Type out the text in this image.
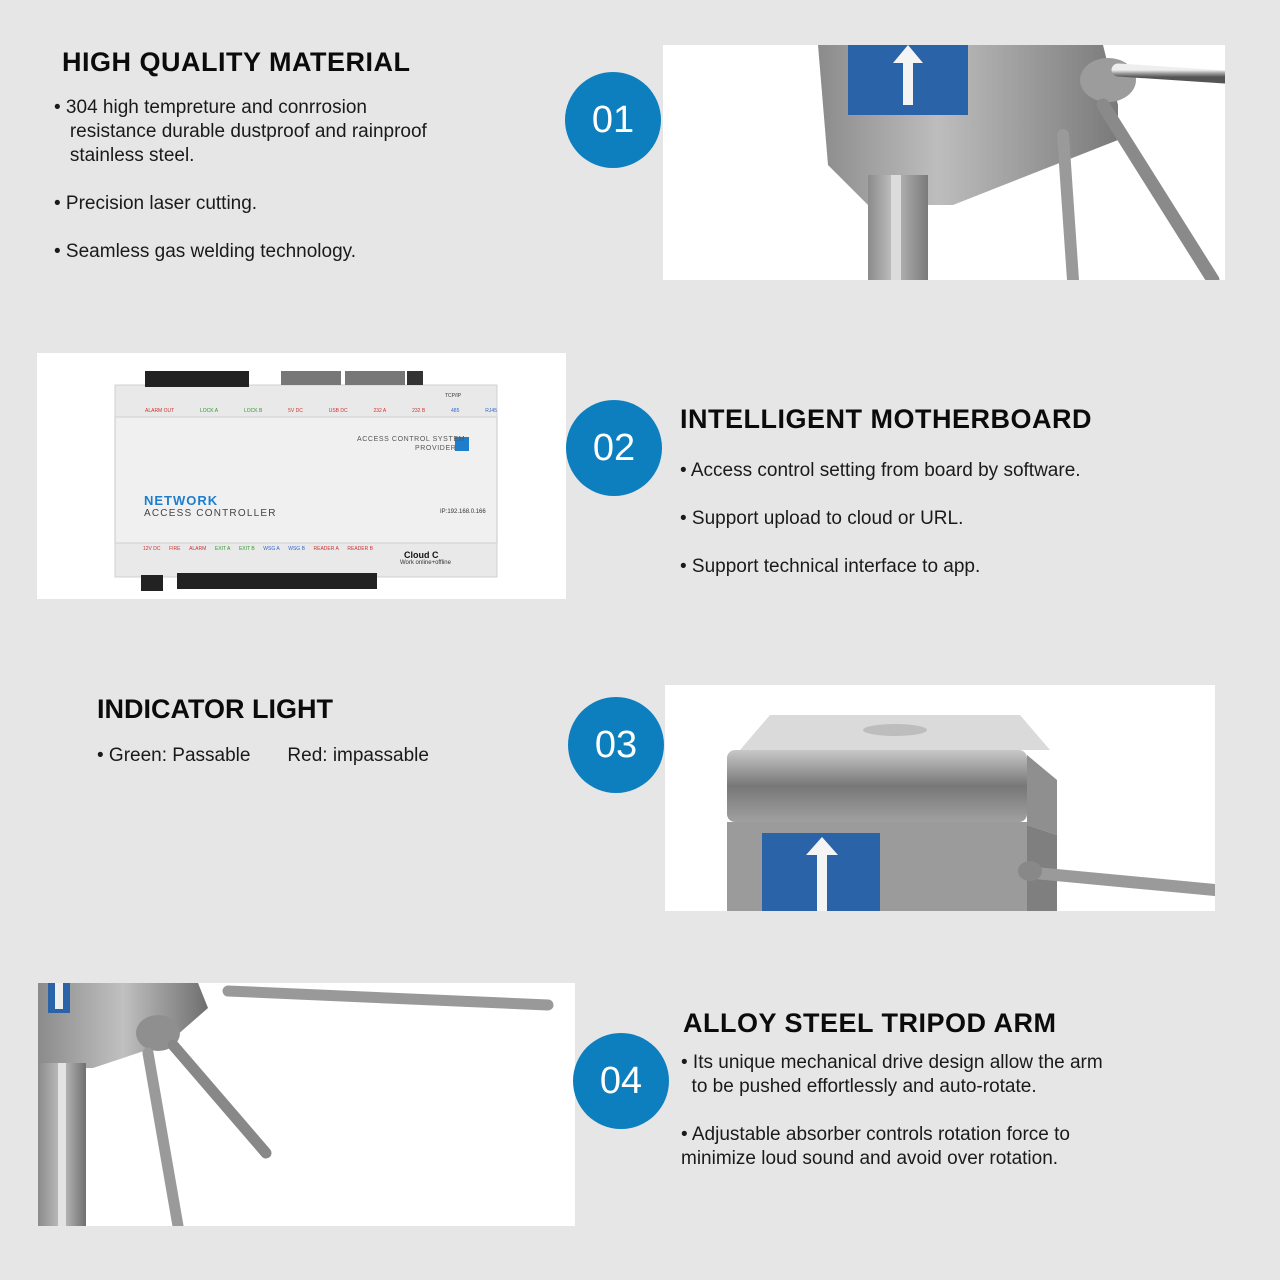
HIGH QUALITY MATERIAL
• 304 high tempreture and conrrosion
resistance durable dustproof and rainproof
stainless steel.
• Precision laser cutting.
• Seamless gas welding technology.
01
NETWORK
ACCESS CONTROLLER
ACCESS CONTROL SYSTEM
PROVIDER
IP:192.168.0.166
Cloud C
Work online+offline
TCP/IP
ALARM OUT	LOCK A	LOCK B	5V DC	USB DC	232 A	232 B	485	RJ45
12V DC FIRE ALARM EXIT A EXIT B WSG A WSG B READER A READER B
02
INTELLIGENT MOTHERBOARD
• Access control setting from board by software.
• Support upload to cloud or URL.
• Support technical interface to app.
INDICATOR LIGHT
• Green: Passable       Red: impassable	03
04
ALLOY STEEL TRIPOD ARM
• Its unique mechanical drive design allow the arm
to be pushed effortlessly and auto-rotate.
• Adjustable absorber controls rotation force to
minimize loud sound and avoid over rotation.
